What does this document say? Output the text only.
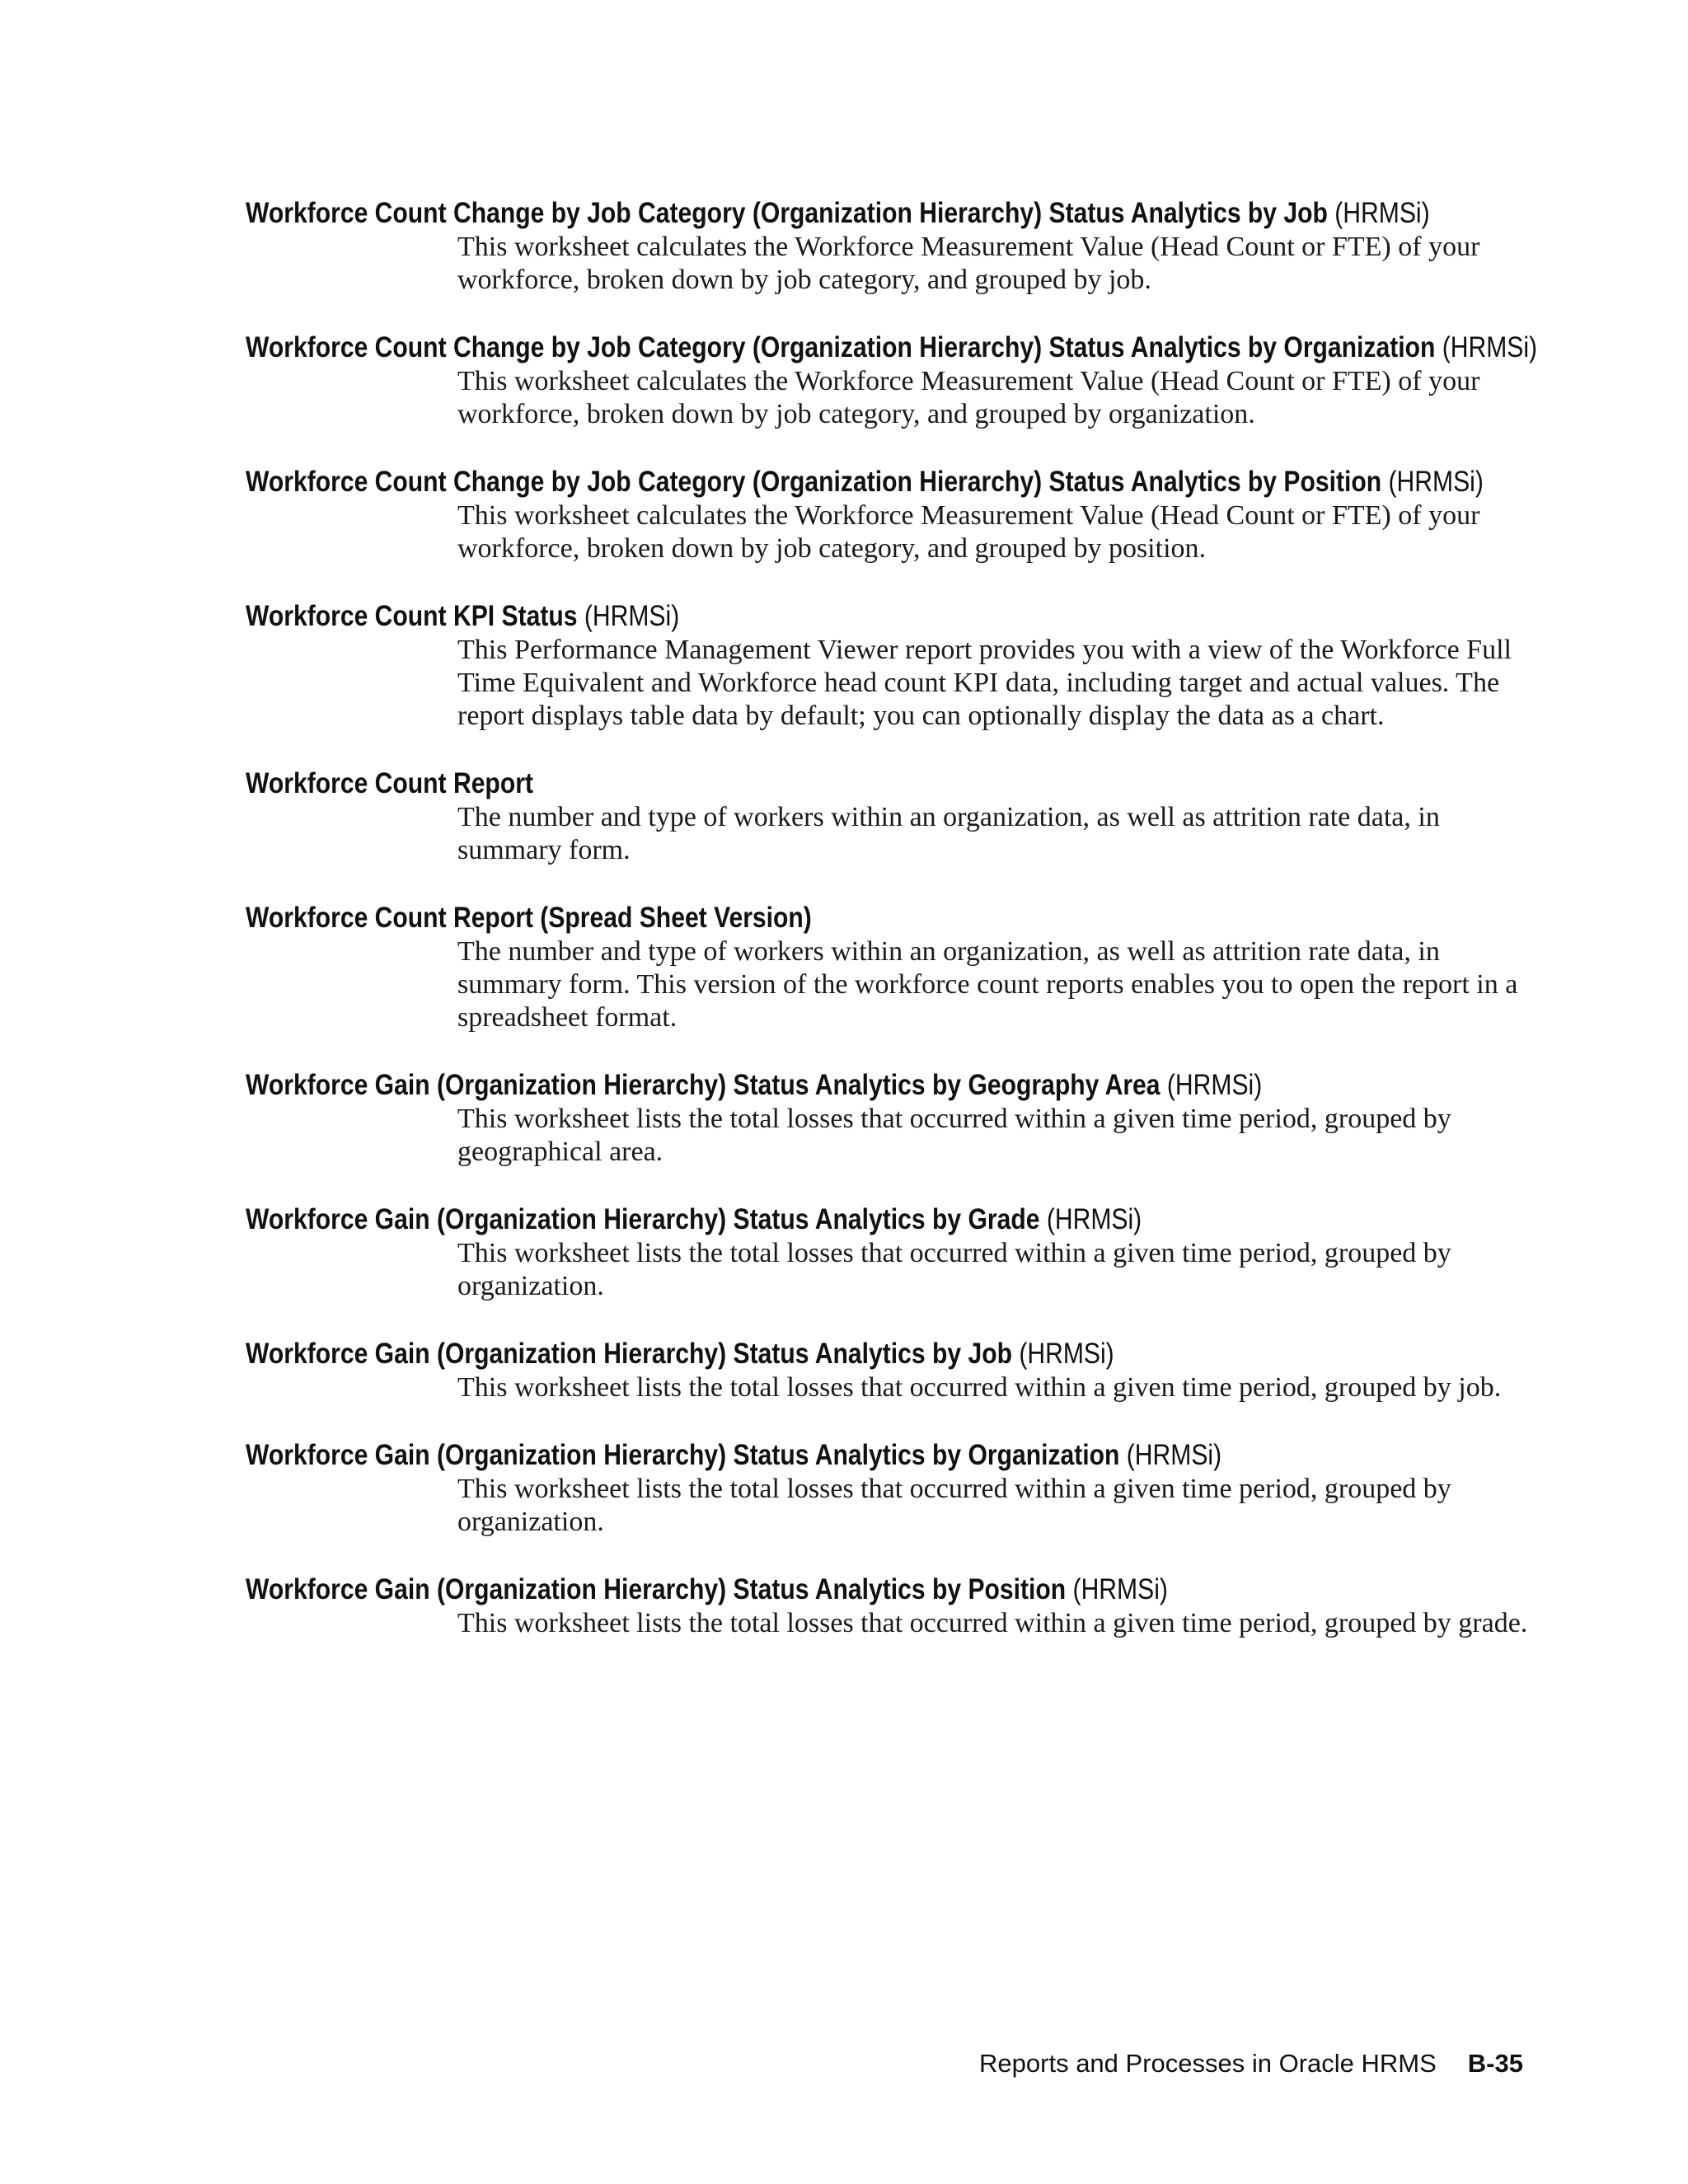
Workforce Count Change by Job Category (Organization Hierarchy) Status Analytics by Job (HRMSi)

This worksheet calculates the Workforce Measurement Value (Head Count or FTE) of your workforce, broken down by job category, and grouped by job.

Workforce Count Change by Job Category (Organization Hierarchy) Status Analytics by Organization (HRMSi)

This worksheet calculates the Workforce Measurement Value (Head Count or FTE) of your workforce, broken down by job category, and grouped by organization.

Workforce Count Change by Job Category (Organization Hierarchy) Status Analytics by Position (HRMSi)

This worksheet calculates the Workforce Measurement Value (Head Count or FTE) of your workforce, broken down by job category, and grouped by position.

Workforce Count KPI Status (HRMSi)

This Performance Management Viewer report provides you with a view of the Workforce Full Time Equivalent and Workforce head count KPI data, including target and actual values. The report displays table data by default; you can optionally display the data as a chart.

Workforce Count Report

The number and type of workers within an organization, as well as attrition rate data, in summary form.

Workforce Count Report (Spread Sheet Version)

The number and type of workers within an organization, as well as attrition rate data, in summary form. This version of the workforce count reports enables you to open the report in a spreadsheet format.

Workforce Gain (Organization Hierarchy) Status Analytics by Geography Area (HRMSi)

This worksheet lists the total losses that occurred within a given time period, grouped by geographical area.

Workforce Gain (Organization Hierarchy) Status Analytics by Grade (HRMSi)

This worksheet lists the total losses that occurred within a given time period, grouped by organization.

Workforce Gain (Organization Hierarchy) Status Analytics by Job (HRMSi)

This worksheet lists the total losses that occurred within a given time period, grouped by job.

Workforce Gain (Organization Hierarchy) Status Analytics by Organization (HRMSi)

This worksheet lists the total losses that occurred within a given time period, grouped by organization.

Workforce Gain (Organization Hierarchy) Status Analytics by Position (HRMSi)

This worksheet lists the total losses that occurred within a given time period, grouped by grade.

Reports and Processes in Oracle HRMS B-35
